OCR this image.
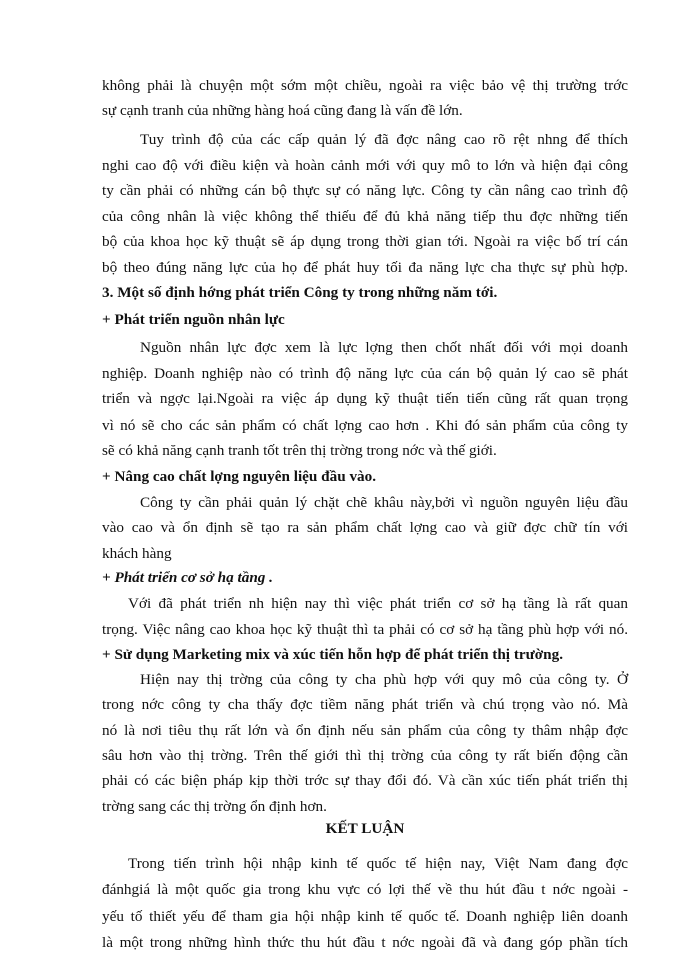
không phải là chuyện một sớm một chiều, ngoài ra việc bảo vệ thị trường trớc
sự cạnh tranh của những hàng hoá cũng đang là vấn đề lớn.
Tuy trình độ của các cấp quản lý đã đợc nâng cao rõ rệt nhng để thích
nghi cao độ với điều kiện và hoàn cảnh mới với quy mô to lớn và hiện đại công
ty cần phải có những cán bộ thực sự có năng lực. Công ty cần nâng cao trình độ
của công nhân là việc không thể thiếu để đủ khả năng tiếp thu đợc những tiến
bộ của khoa học kỹ thuật sẽ áp dụng trong thời gian tới. Ngoài ra việc bố trí cán
bộ theo đúng năng lực của họ để phát huy tối đa năng lực cha thực sự phù hợp.
3. Một số định hớng phát triển Công ty trong những năm tới.
+ Phát triển nguồn nhân lực
Nguồn nhân lực đợc xem là lực lợng then chốt nhất đối với mọi doanh
nghiệp. Doanh nghiệp nào có trình độ năng lực của cán bộ quản lý cao sẽ phát
triển và ngợc lại.Ngoài ra việc áp dụng kỹ thuật tiến tiến cũng rất quan trọng
vì nó sẽ cho các sản phẩm có chất lợng cao hơn . Khi đó sản phẩm của công ty
sẽ có khả năng cạnh tranh tốt trên thị trờng trong nớc và thế giới.
+ Nâng cao chất lợng nguyên liệu đầu vào.
Công ty cần phải quản lý chặt chẽ khâu này,bởi vì nguồn nguyên liệu đầu
vào cao và ổn định sẽ tạo ra sản phẩm chất lợng cao và giữ đợc chữ tín với
khách hàng
+ Phát triển cơ sở hạ tầng .
Với đã phát triển nh hiện nay thì việc phát triển cơ sở hạ tầng là rất quan
trọng. Việc nâng cao khoa học kỹ thuật thì ta phải có cơ sở hạ tầng phù hợp với nó.
+ Sử dụng Marketing mix và xúc tiến hỗn hợp để phát triển thị trường.
Hiện nay thị trờng của công ty cha phù hợp với quy mô của công ty. Ở
trong nớc công ty cha thấy đợc tiềm năng phát triển và chú trọng vào nó. Mà
nó là nơi tiêu thụ rất lớn và ổn định nếu sản phẩm của công ty thâm nhập đợc
sâu hơn vào thị trờng. Trên thế giới thì thị trờng của công ty rất biến động cần
phải có các biện pháp kịp thời trớc sự thay đổi đó. Và cần xúc tiến phát triển thị
trờng sang các thị trờng ổn định hơn.
KẾT LUẬN
Trong tiến trình hội nhập kinh tế quốc tế hiện nay, Việt Nam đang đợc
đánhgiá là một quốc gia trong khu vực có lợi thế về thu hút đầu t nớc ngoài -
yếu tố thiết yếu để tham gia hội nhập kinh tế quốc tế. Doanh nghiệp liên doanh
là một trong những hình thức thu hút đầu t nớc ngoài đã và đang góp phần tích
